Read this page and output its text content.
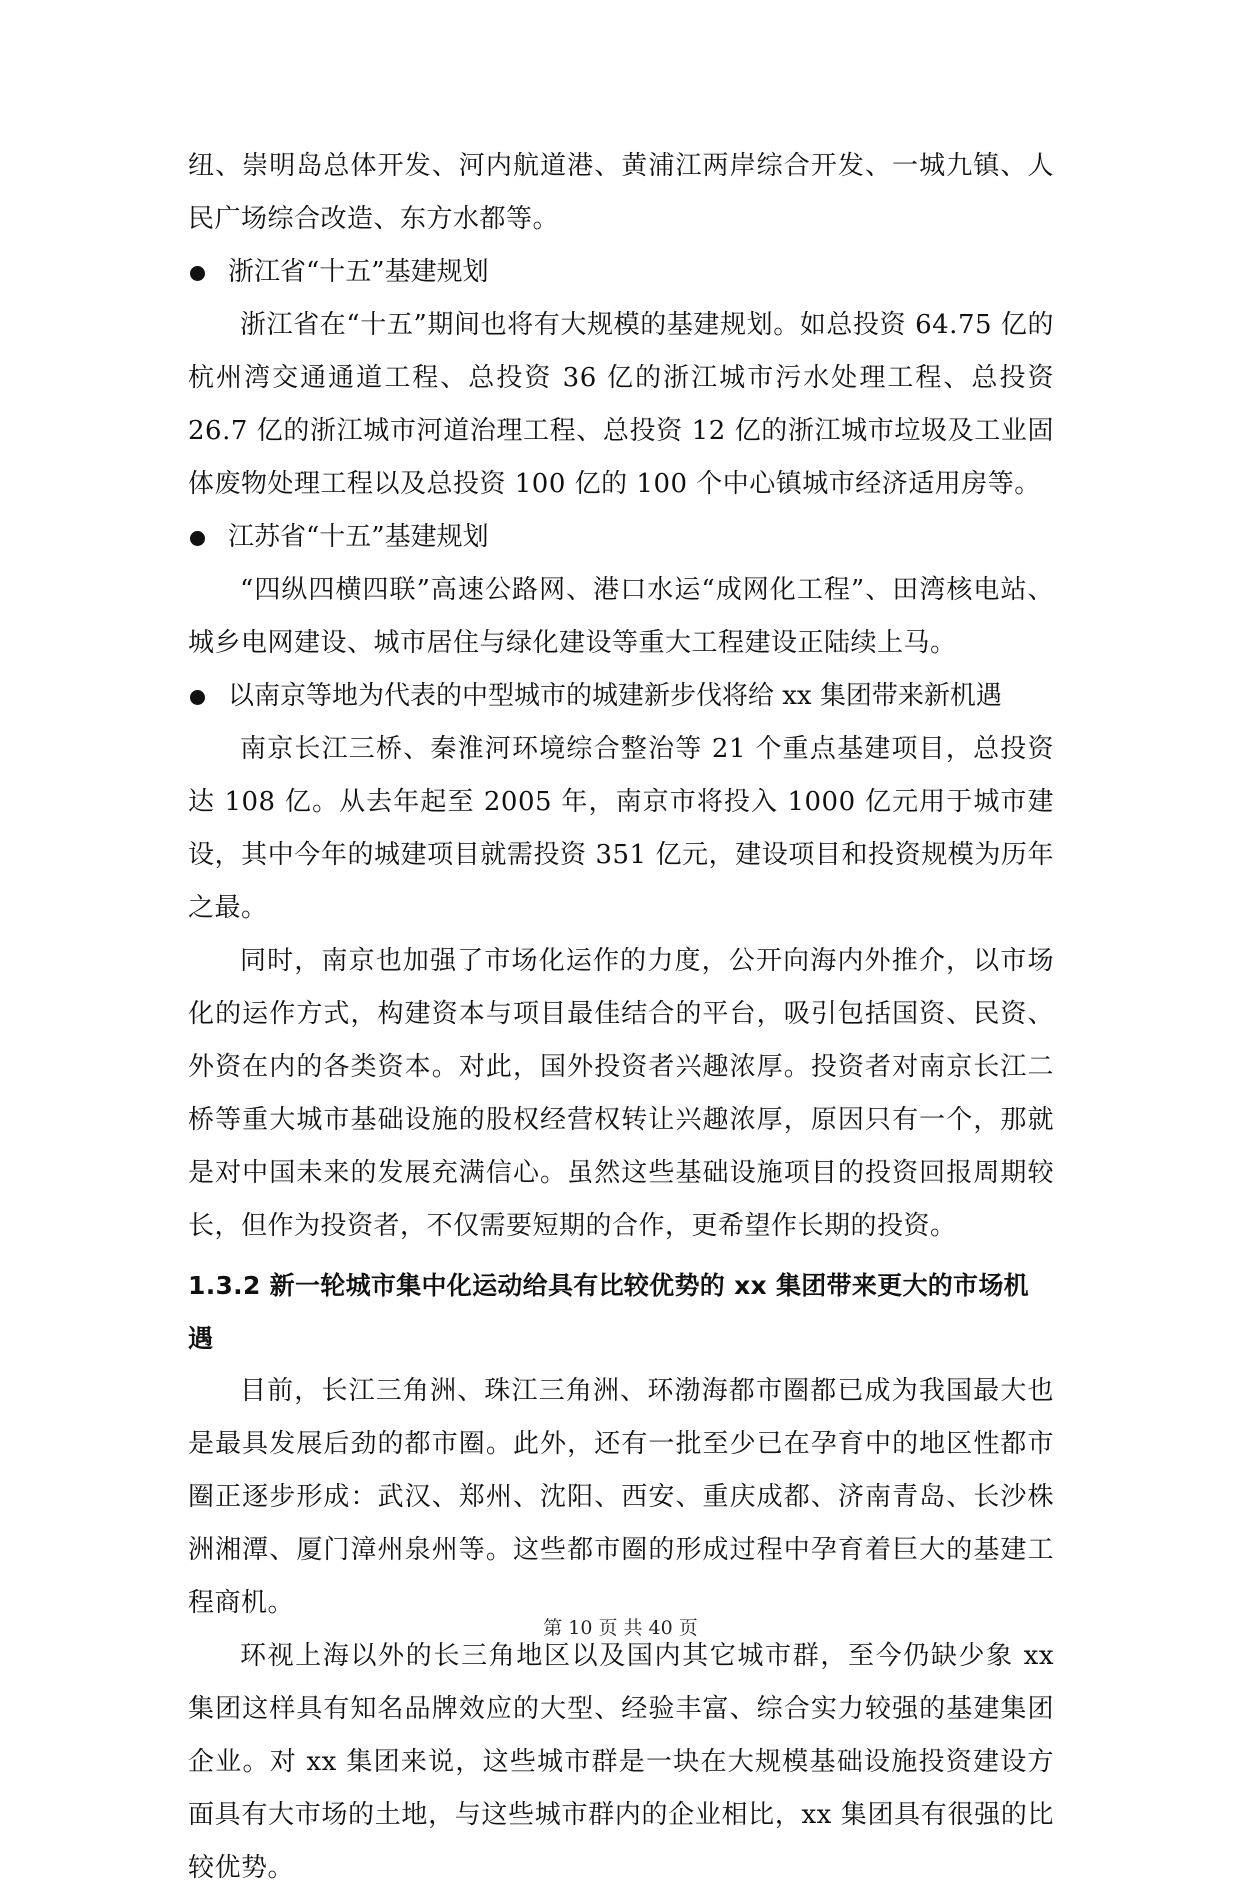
纽、崇明岛总体开发、河内航道港、黄浦江两岸综合开发、一城九镇、人民广场综合改造、东方水都等。

浙江省“十五”基建规划

浙江省在“十五”期间也将有大规模的基建规划。如总投资 64.75 亿的杭州湾交通通道工程、总投资 36 亿的浙江城市污水处理工程、总投资 26.7 亿的浙江城市河道治理工程、总投资 12 亿的浙江城市垃圾及工业固体废物处理工程以及总投资 100 亿的 100 个中心镇城市经济适用房等。

江苏省“十五”基建规划

“四纵四横四联”高速公路网、港口水运“成网化工程”、田湾核电站、城乡电网建设、城市居住与绿化建设等重大工程建设正陆续上马。

以南京等地为代表的中型城市的城建新步伐将给 xx 集团带来新机遇

南京长江三桥、秦淮河环境综合整治等 21 个重点基建项目，总投资达 108 亿。从去年起至 2005 年，南京市将投入 1000 亿元用于城市建设，其中今年的城建项目就需投资 351 亿元，建设项目和投资规模为历年之最。

同时，南京也加强了市场化运作的力度，公开向海内外推介，以市场化的运作方式，构建资本与项目最佳结合的平台，吸引包括国资、民资、外资在内的各类资本。对此，国外投资者兴趣浓厚。投资者对南京长江二桥等重大城市基础设施的股权经营权转让兴趣浓厚，原因只有一个，那就是对中国未来的发展充满信心。虽然这些基础设施项目的投资回报周期较长，但作为投资者，不仅需要短期的合作，更希望作长期的投资。

1.3.2 新一轮城市集中化运动给具有比较优势的 xx 集团带来更大的市场机遇

目前，长江三角洲、珠江三角洲、环渤海都市圈都已成为我国最大也是最具发展后劲的都市圈。此外，还有一批至少已在孕育中的地区性都市圈正逐步形成：武汉、郑州、沈阳、西安、重庆成都、济南青岛、长沙株洲湘潭、厦门漳州泉州等。这些都市圈的形成过程中孕育着巨大的基建工程商机。

环视上海以外的长三角地区以及国内其它城市群，至今仍缺少象 xx 集团这样具有知名品牌效应的大型、经验丰富、综合实力较强的基建集团企业。对 xx 集团来说，这些城市群是一块在大规模基础设施投资建设方面具有大市场的土地，与这些城市群内的企业相比，xx 集团具有很强的比较优势。

第 10 页 共 40 页
